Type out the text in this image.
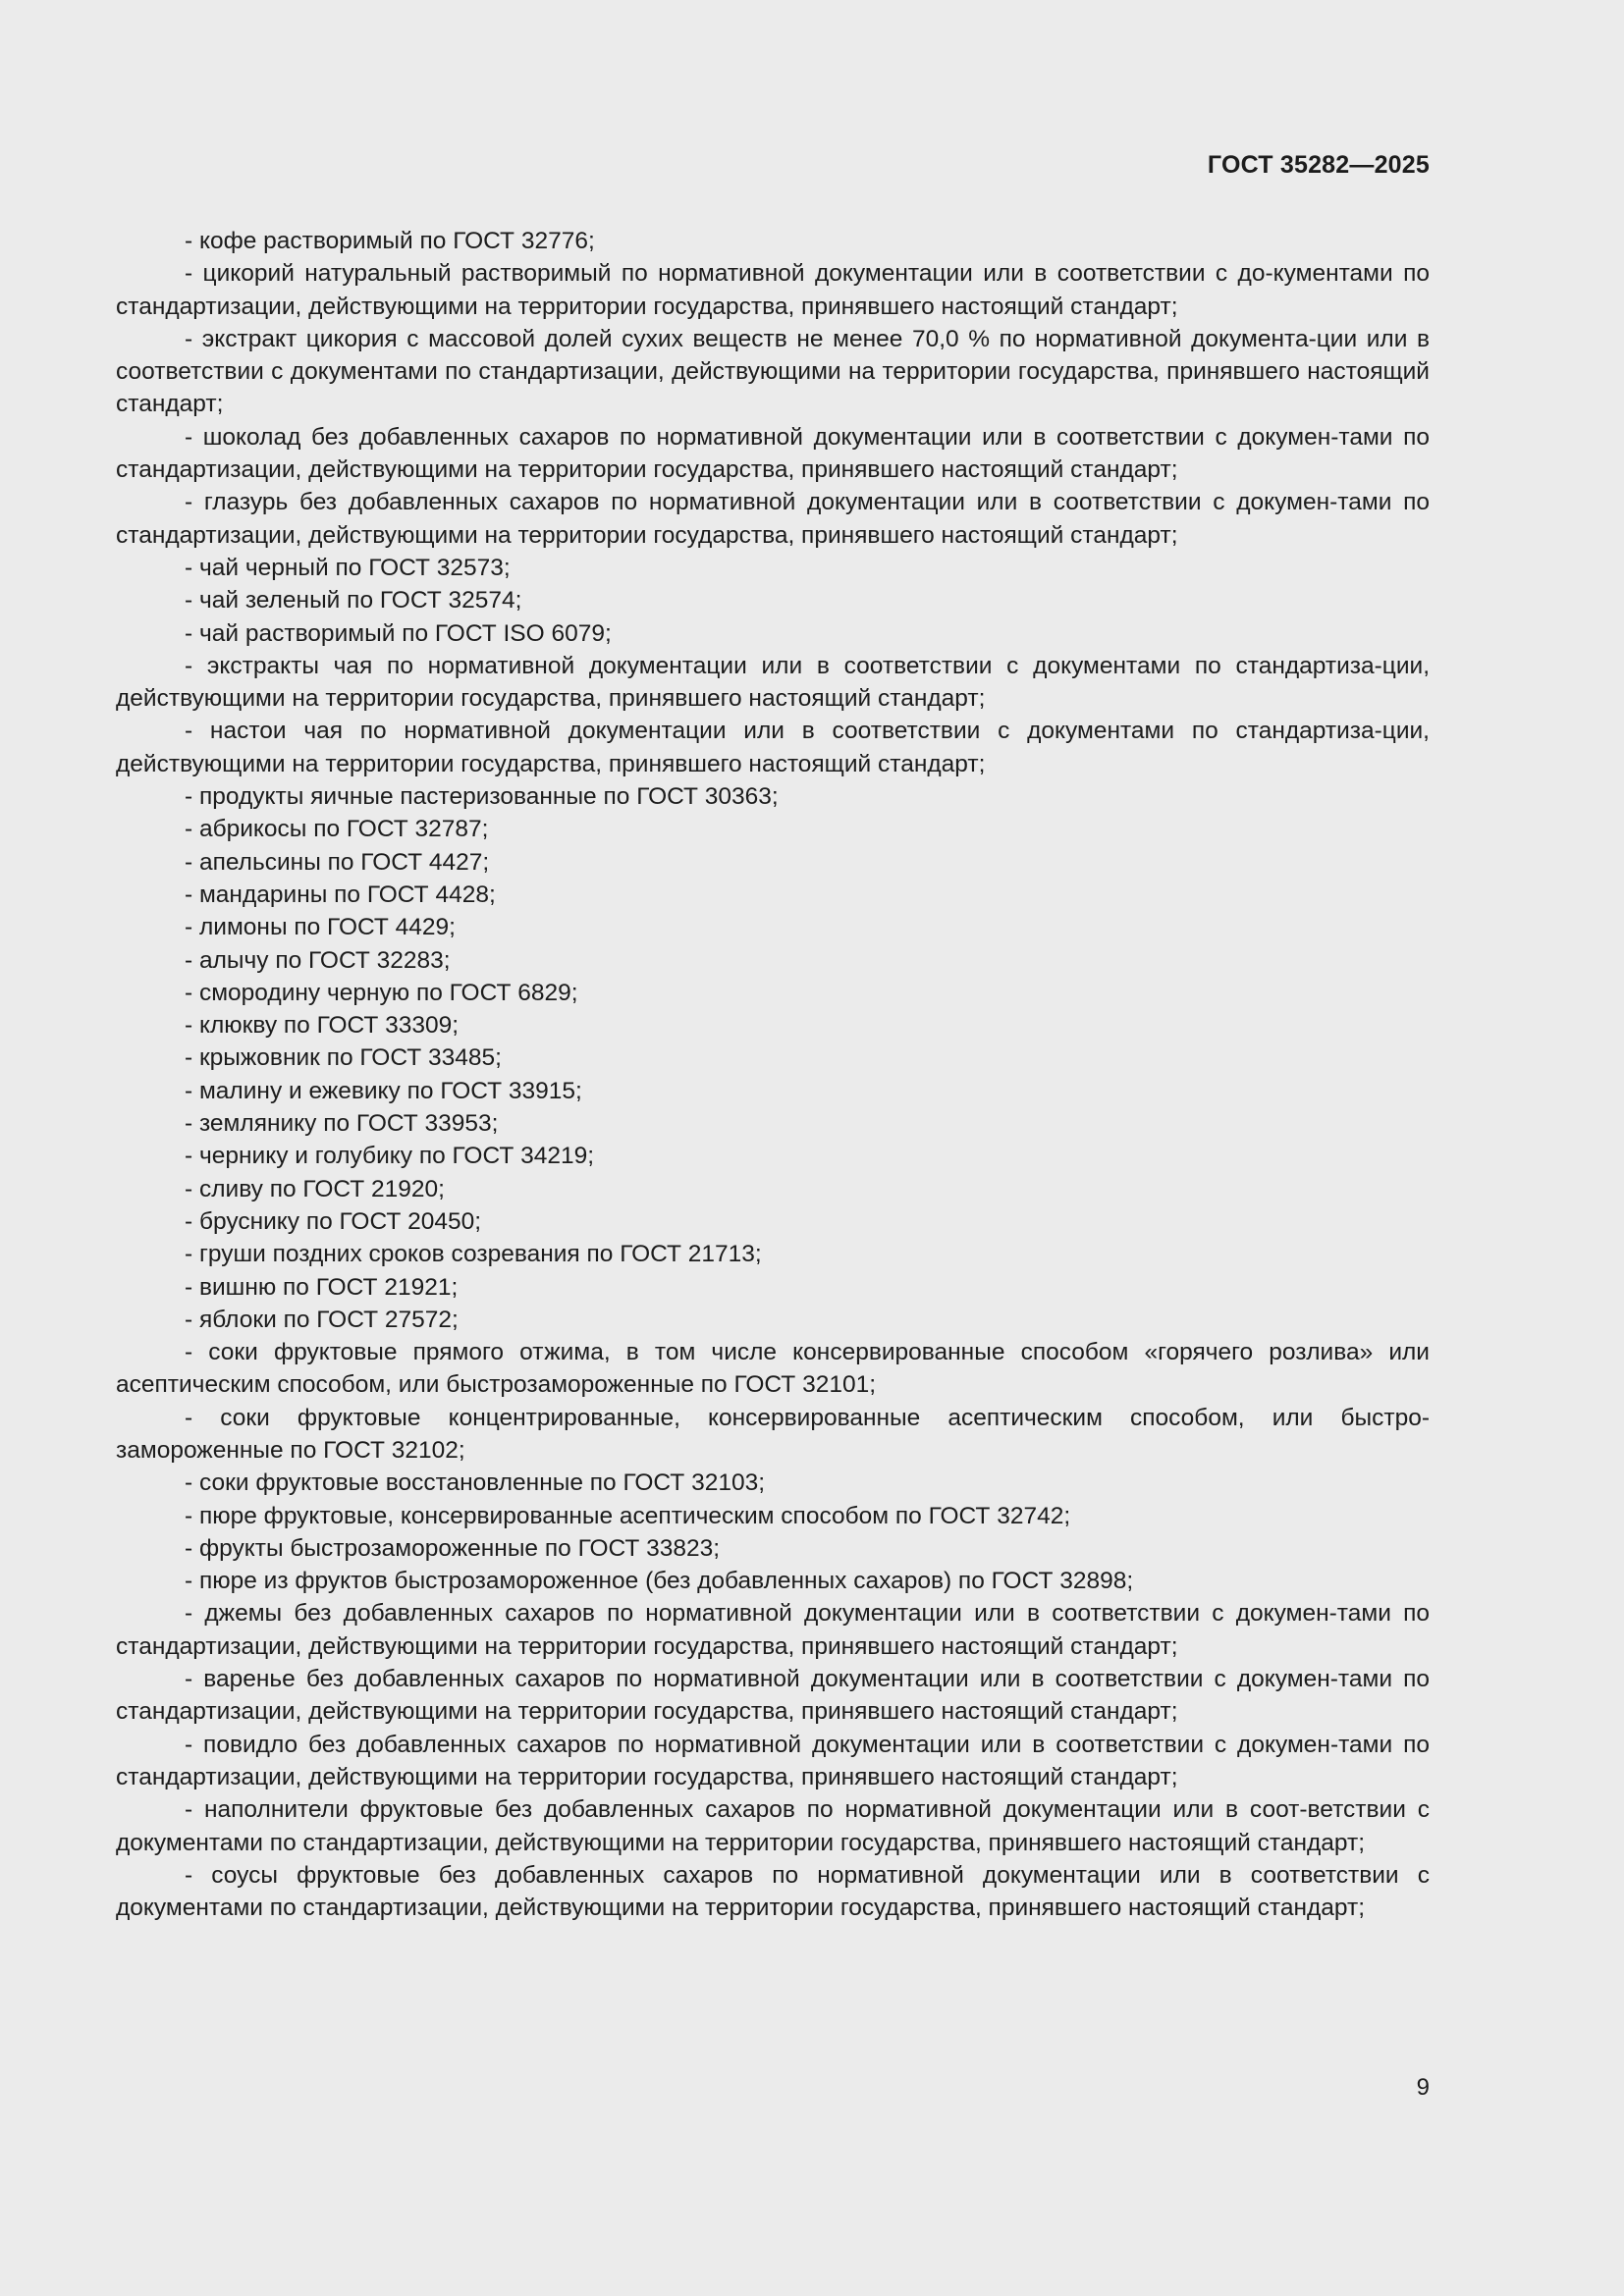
ГОСТ 35282—2025

- кофе растворимый по ГОСТ 32776;

- цикорий натуральный растворимый по нормативной документации или в соответствии с до-кументами по стандартизации, действующими на территории государства, принявшего настоящий стандарт;

- экстракт цикория с массовой долей сухих веществ не менее 70,0 % по нормативной документа-ции или в соответствии с документами по стандартизации, действующими на территории государства, принявшего настоящий стандарт;

- шоколад без добавленных сахаров по нормативной документации или в соответствии с докумен-тами по стандартизации, действующими на территории государства, принявшего настоящий стандарт;

- глазурь без добавленных сахаров по нормативной документации или в соответствии с докумен-тами по стандартизации, действующими на территории государства, принявшего настоящий стандарт;

- чай черный по ГОСТ 32573;

- чай зеленый по ГОСТ 32574;

- чай растворимый по ГОСТ ISO 6079;

- экстракты чая по нормативной документации или в соответствии с документами по стандартиза-ции, действующими на территории государства, принявшего настоящий стандарт;

- настои чая по нормативной документации или в соответствии с документами по стандартиза-ции, действующими на территории государства, принявшего настоящий стандарт;

- продукты яичные пастеризованные по ГОСТ 30363;

- абрикосы по ГОСТ 32787;

- апельсины по ГОСТ 4427;

- мандарины по ГОСТ 4428;

- лимоны по ГОСТ 4429;

- алычу по ГОСТ 32283;

- смородину черную по ГОСТ 6829;

- клюкву по ГОСТ 33309;

- крыжовник по ГОСТ 33485;

- малину и ежевику по ГОСТ 33915;

- землянику по ГОСТ 33953;

- чернику и голубику по ГОСТ 34219;

- сливу по ГОСТ 21920;

- бруснику по ГОСТ 20450;

- груши поздних сроков созревания по ГОСТ 21713;

- вишню по ГОСТ 21921;

- яблоки по ГОСТ 27572;

- соки фруктовые прямого отжима, в том числе консервированные способом «горячего розлива» или асептическим способом, или быстрозамороженные по ГОСТ 32101;

- соки фруктовые концентрированные, консервированные асептическим способом, или быстро-замороженные по ГОСТ 32102;

- соки фруктовые восстановленные по ГОСТ 32103;

- пюре фруктовые, консервированные асептическим способом по ГОСТ 32742;

- фрукты быстрозамороженные по ГОСТ 33823;

- пюре из фруктов быстрозамороженное (без добавленных сахаров) по ГОСТ 32898;

- джемы без добавленных сахаров по нормативной документации или в соответствии с докумен-тами по стандартизации, действующими на территории государства, принявшего настоящий стандарт;

- варенье без добавленных сахаров по нормативной документации или в соответствии с докумен-тами по стандартизации, действующими на территории государства, принявшего настоящий стандарт;

- повидло без добавленных сахаров по нормативной документации или в соответствии с докумен-тами по стандартизации, действующими на территории государства, принявшего настоящий стандарт;

- наполнители фруктовые без добавленных сахаров по нормативной документации или в соот-ветствии с документами по стандартизации, действующими на территории государства, принявшего настоящий стандарт;

- соусы фруктовые без добавленных сахаров по нормативной документации или в соответствии с документами по стандартизации, действующими на территории государства, принявшего настоящий стандарт;

9
